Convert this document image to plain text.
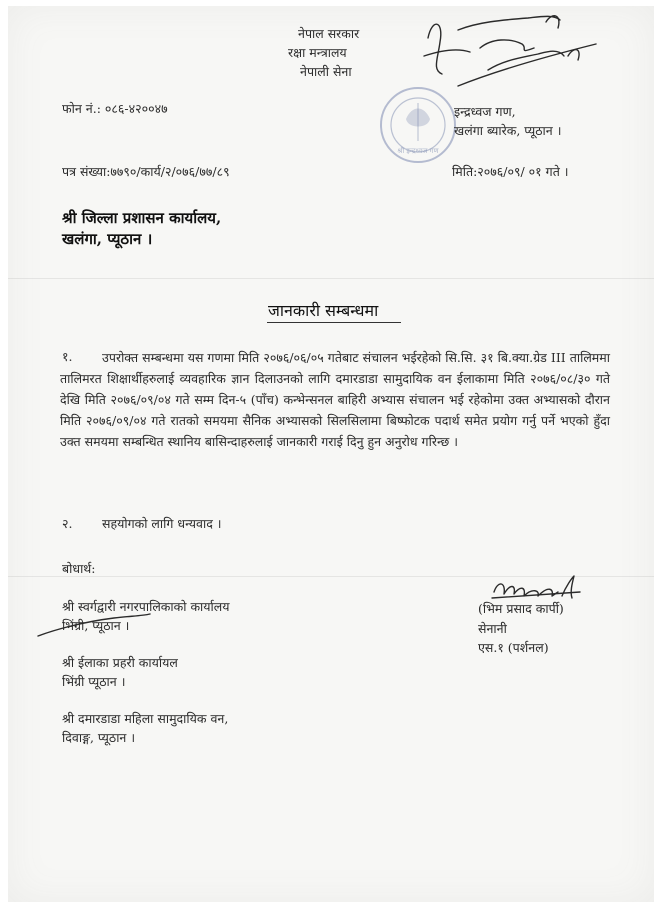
नेपाल सरकार
रक्षा मन्त्रालय
नेपाली सेना
श्री इन्द्रध्वज गण
फोन नं.: ०८६-४२००४७	इन्द्रध्वज गण,
खलंगा ब्यारेक, प्यूठान ।
पत्र संख्या:७७९०/कार्य/२/०७६/७७/८९	मिति:२०७६/०९/ ०१ गते ।
श्री जिल्ला प्रशासन कार्यालय,
खलंगा, प्यूठान ।
जानकारी सम्बन्धमा
१.	उपरोक्त सम्बन्धमा यस गणमा मिति २०७६/०६/०५ गतेबाट संचालन भईरहेको सि.सि. ३१ बि.क्या.ग्रेड III तालिममा तालिमरत शिक्षार्थीहरुलाई व्यवहारिक ज्ञान दिलाउनको लागि दमारडाडा सामुदायिक वन ईलाकामा मिति २०७६/०८/३० गते देखि मिति २०७६/०९/०४ गते सम्म दिन-५ (पाँच) कन्भेन्सनल बाहिरी अभ्यास संचालन भई रहेकोमा उक्त अभ्यासको दौरान मिति २०७६/०९/०४ गते रातको समयमा सैनिक अभ्यासको सिलसिलामा बिष्फोटक पदार्थ समेत प्रयोग गर्नु पर्ने भएको हुँदा उक्त समयमा सम्बन्धित स्थानिय बासिन्दाहरुलाई जानकारी गराई दिनु हुन अनुरोध गरिन्छ ।
२. सहयोगको लागि धन्यवाद ।
बोधार्थ:
श्री स्वर्गद्वारी नगरपालिकाको कार्यालय
भिंग्री, प्यूठान ।
श्री ईलाका प्रहरी कार्यायल
भिंग्री प्यूठान ।
श्री दमारडाडा महिला सामुदायिक वन,
दिवाङ्ग, प्यूठान ।
(भिम प्रसाद कार्पी)
सेनानी
एस.१ (पर्शनल)
